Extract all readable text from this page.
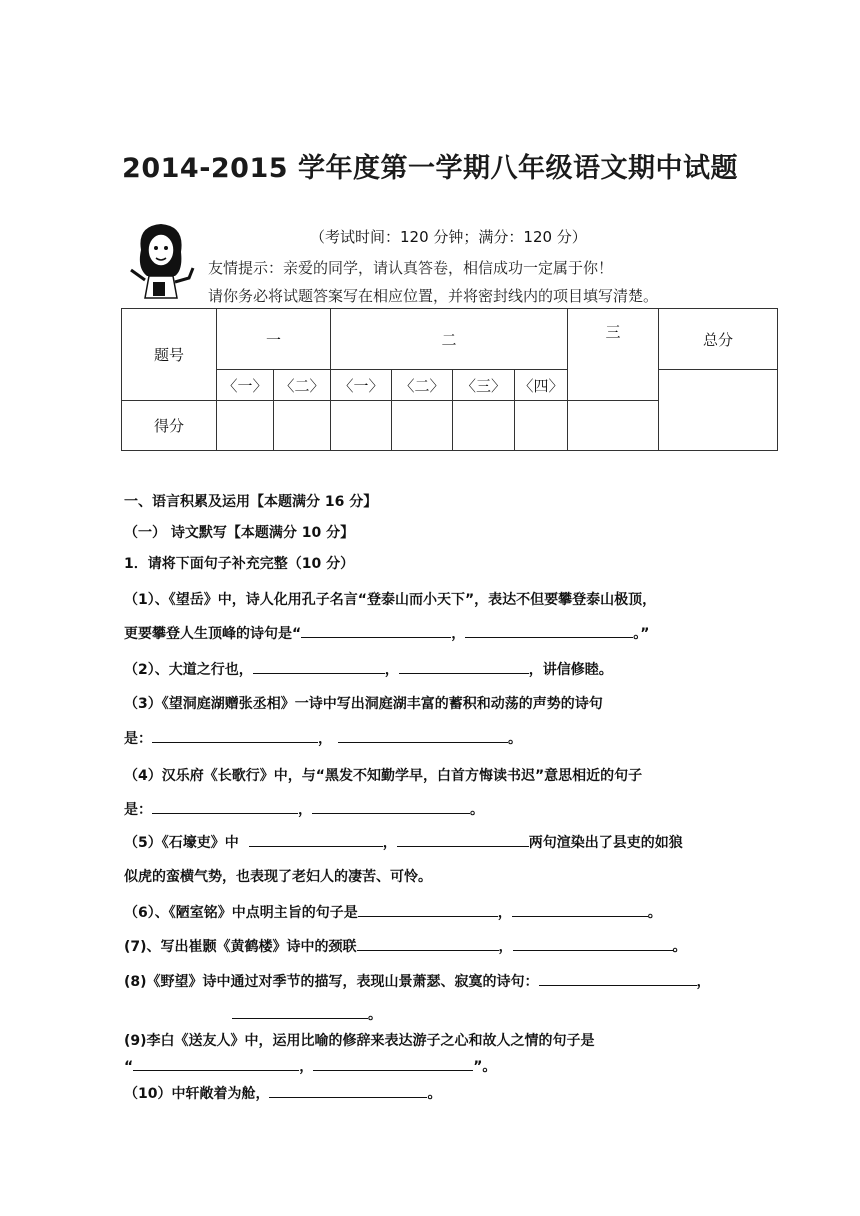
2014-2015 学年度第一学期八年级语文期中试题
（考试时间：120 分钟；满分：120 分）
友情提示：亲爱的同学，请认真答卷，相信成功一定属于你！
请你务必将试题答案写在相应位置，并将密封线内的项目填写清楚。
题号	一		二				三	总分
	〈一〉	〈二〉	〈一〉	〈二〉	〈三〉	〈四〉		
得分								
一、语言积累及运用【本题满分 16 分】
（一） 诗文默写【本题满分 10 分】
1．请将下面句子补充完整（10 分）
（1）、《望岳》中，诗人化用孔子名言“登泰山而小天下”，表达不但要攀登泰山极顶，
更要攀登人生顶峰的诗句是“	，	。”
（2）、大道之行也，	，	，讲信修睦。
（3）《望洞庭湖赠张丞相》一诗中写出洞庭湖丰富的蓄积和动荡的声势的诗句
是：	，	。
（4）汉乐府《长歌行》中，与“黑发不知勤学早，白首方悔读书迟”意思相近的句子
是：	，	。
（5）《石壕吏》中	，	两句渲染出了县吏的如狼
似虎的蛮横气势，也表现了老妇人的凄苦、可怜。
（6）、《陋室铭》中点明主旨的句子是	，	。
(7)、写出崔颢《黄鹤楼》诗中的颈联	，	。
(8)《野望》诗中通过对季节的描写，表现山景萧瑟、寂寞的诗句：	，
。
(9)李白《送友人》中，运用比喻的修辞来表达游子之心和故人之情的句子是
“	，	”。
（10）中轩敞着为舱，	。
